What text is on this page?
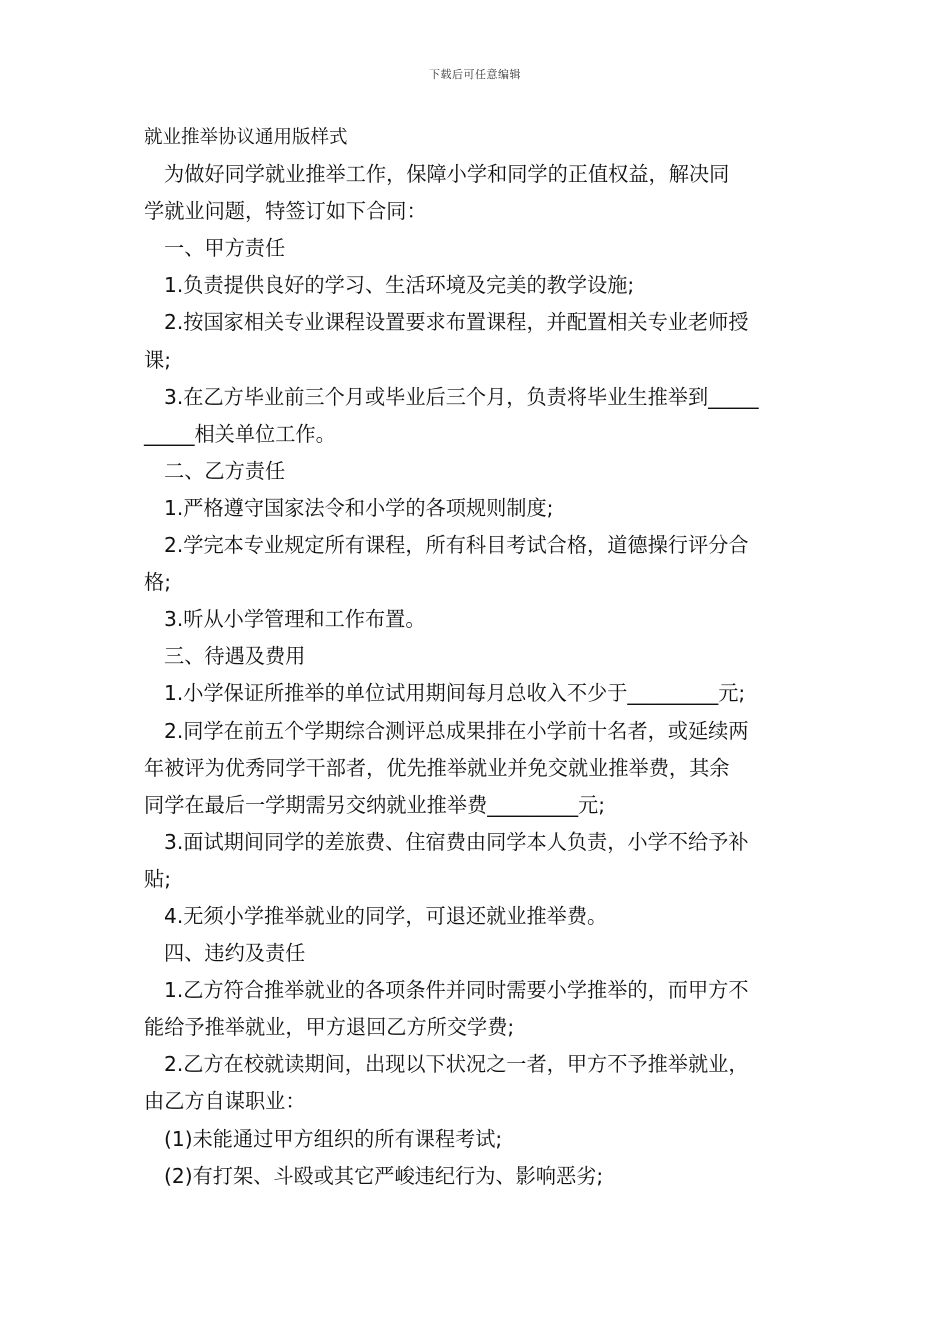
下载后可任意编辑
就业推举协议通用版样式
为做好同学就业推举工作，保障小学和同学的正值权益，解决同
学就业问题，特签订如下合同：
一、甲方责任
1.负责提供良好的学习、生活环境及完美的教学设施;
2.按国家相关专业课程设置要求布置课程，并配置相关专业老师授
课;
3.在乙方毕业前三个月或毕业后三个月，负责将毕业生推举到_____
_____相关单位工作。
二、乙方责任
1.严格遵守国家法令和小学的各项规则制度;
2.学完本专业规定所有课程，所有科目考试合格，道德操行评分合
格;
3.听从小学管理和工作布置。
三、待遇及费用
1.小学保证所推举的单位试用期间每月总收入不少于_________元;
2.同学在前五个学期综合测评总成果排在小学前十名者，或延续两
年被评为优秀同学干部者，优先推举就业并免交就业推举费，其余
同学在最后一学期需另交纳就业推举费_________元;
3.面试期间同学的差旅费、住宿费由同学本人负责，小学不给予补
贴;
4.无须小学推举就业的同学，可退还就业推举费。
四、违约及责任
1.乙方符合推举就业的各项条件并同时需要小学推举的，而甲方不
能给予推举就业，甲方退回乙方所交学费;
2.乙方在校就读期间，出现以下状况之一者，甲方不予推举就业，
由乙方自谋职业：
(1)未能通过甲方组织的所有课程考试;
(2)有打架、斗殴或其它严峻违纪行为、影响恶劣;
